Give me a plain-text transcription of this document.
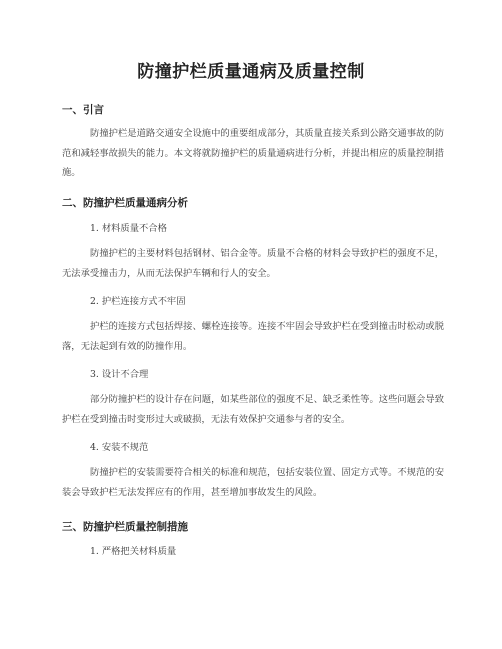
防撞护栏质量通病及质量控制
一、引言
防撞护栏是道路交通安全设施中的重要组成部分，其质量直接关系到公路交通事故的防范和减轻事故损失的能力。本文将就防撞护栏的质量通病进行分析，并提出相应的质量控制措施。
二、防撞护栏质量通病分析
1. 材料质量不合格
防撞护栏的主要材料包括钢材、铝合金等。质量不合格的材料会导致护栏的强度不足，无法承受撞击力，从而无法保护车辆和行人的安全。
2. 护栏连接方式不牢固
护栏的连接方式包括焊接、螺栓连接等。连接不牢固会导致护栏在受到撞击时松动或脱落，无法起到有效的防撞作用。
3. 设计不合理
部分防撞护栏的设计存在问题，如某些部位的强度不足、缺乏柔性等。这些问题会导致护栏在受到撞击时变形过大或破损，无法有效保护交通参与者的安全。
4. 安装不规范
防撞护栏的安装需要符合相关的标准和规范，包括安装位置、固定方式等。不规范的安装会导致护栏无法发挥应有的作用，甚至增加事故发生的风险。
三、防撞护栏质量控制措施
1. 严格把关材料质量
